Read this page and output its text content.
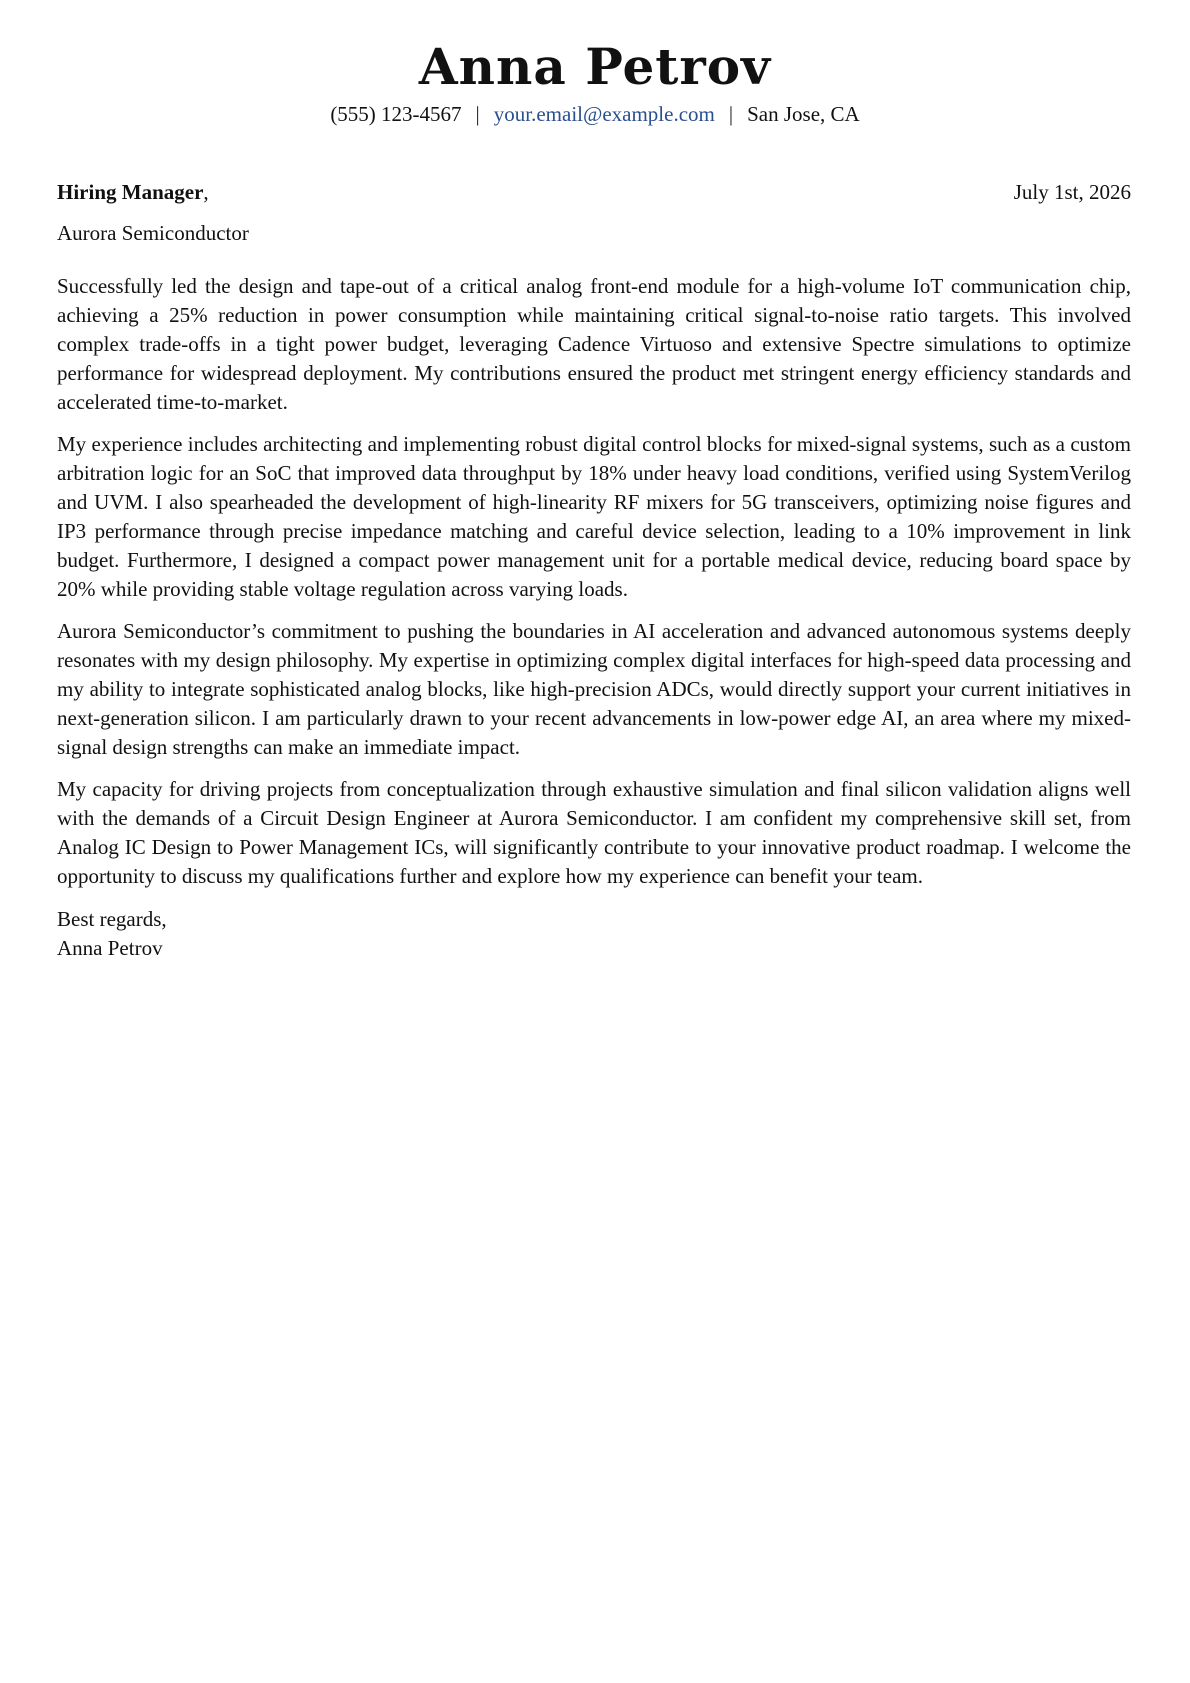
Anna Petrov
(555) 123-4567 | your.email@example.com | San Jose, CA
Hiring Manager,	July 1st, 2026
Aurora Semiconductor

Successfully led the design and tape-out of a critical analog front-end module for a high-volume IoT communication chip, achieving a 25% reduction in power consumption while maintaining critical signal-to-noise ratio targets. This involved complex trade-offs in a tight power budget, leveraging Cadence Virtuoso and extensive Spectre simulations to optimize performance for widespread deployment. My contributions ensured the product met stringent energy efficiency standards and accelerated time-to-market.

My experience includes architecting and implementing robust digital control blocks for mixed-signal systems, such as a custom arbitration logic for an SoC that improved data throughput by 18% under heavy load conditions, verified using SystemVerilog and UVM. I also spearheaded the development of high-linearity RF mixers for 5G transceivers, optimizing noise figures and IP3 performance through precise impedance matching and careful device selection, leading to a 10% improvement in link budget. Furthermore, I designed a compact power management unit for a portable medical device, reducing board space by 20% while providing stable voltage regulation across varying loads.

Aurora Semiconductor’s commitment to pushing the boundaries in AI acceleration and advanced autonomous systems deeply resonates with my design philosophy. My expertise in optimizing complex digital interfaces for high-speed data processing and my ability to integrate sophisticated analog blocks, like high-precision ADCs, would directly support your current initiatives in next-generation silicon. I am particularly drawn to your recent advancements in low-power edge AI, an area where my mixed-signal design strengths can make an immediate impact.

My capacity for driving projects from conceptualization through exhaustive simulation and final silicon validation aligns well with the demands of a Circuit Design Engineer at Aurora Semiconductor. I am confident my comprehensive skill set, from Analog IC Design to Power Management ICs, will significantly contribute to your innovative product roadmap. I welcome the opportunity to discuss my qualifications further and explore how my experience can benefit your team.

Best regards,
Anna Petrov
